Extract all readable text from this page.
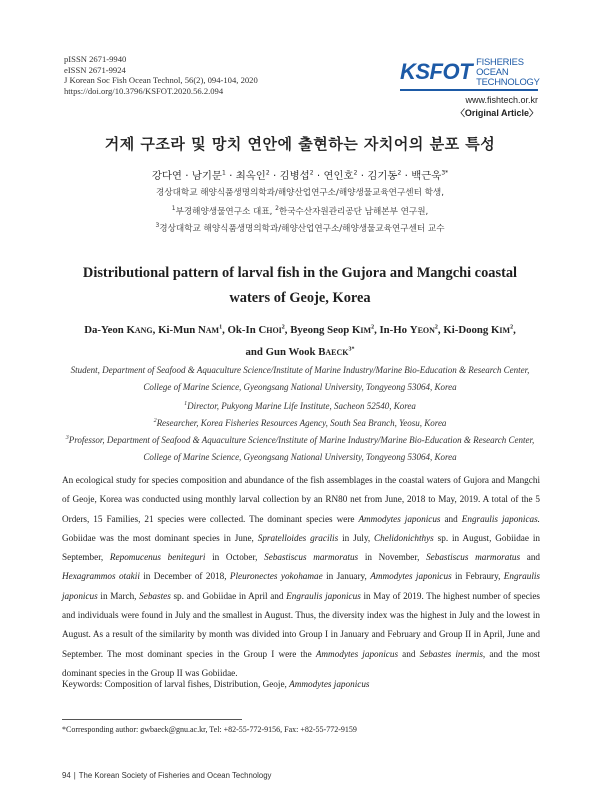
pISSN 2671-9940
eISSN 2671-9924
J Korean Soc Fish Ocean Technol, 56(2), 094-104, 2020
https://doi.org/10.3796/KSFOT.2020.56.2.094
KSFOT FISHERIES OCEAN
TECHNOLOGY
www.fishtech.or.kr
〈Original Article〉
거제 구조라 및 망치 연안에 출현하는 자치어의 분포 특성
강다연 · 남기문$^1$ · 최옥인$^2$ · 김병섭$^2$ · 연인호$^2$ · 김기동$^2$ · 백근욱$^{3*}$
경상대학교 해양식품생명의학과/해양산업연구소/해양생물교육연구센터 학생,
$^1$부경해양생물연구소 대표, $^2$한국수산자원관리공단 남해본부 연구원,
$^3$경상대학교 해양식품생명의학과/해양산업연구소/해양생물교육연구센터 교수
Distributional pattern of larval fish in the Gujora and Mangchi coastal
waters of Geoje, Korea
Da-Yeon Kang, Ki-Mun Nam$^1$, Ok-In Choi$^2$, Byeong Seop Kim$^2$, In-Ho Yeon$^2$, Ki-Doong Kim$^2$,
and Gun Wook Baeck$^{3*}$
Student, Department of Seafood & Aquaculture Science/Institute of Marine Industry/Marine Bio-Education & Research Center,
College of Marine Science, Gyeongsang National University, Tongyeong 53064, Korea
$^1$Director, Pukyong Marine Life Institute, Sacheon 52540, Korea
$^2$Researcher, Korea Fisheries Resources Agency, South Sea Branch, Yeosu, Korea
$^3$Professor, Department of Seafood & Aquaculture Science/Institute of Marine Industry/Marine Bio-Education & Research Center,
College of Marine Science, Gyeongsang National University, Tongyeong 53064, Korea
An ecological study for species composition and abundance of the fish assemblages in the coastal waters of Gujora and Mangchi of Geoje, Korea was conducted using monthly larval collection by an RN80 net from June, 2018 to May, 2019. A total of the 5 Orders, 15 Families, 21 species were collected. The dominant species were Ammodytes japonicus and Engraulis japonicas. Gobiidae was the most dominant species in June, Spratelloides gracilis in July, Chelidonichthys sp. in August, Gobiidae in September, Repomucenus beniteguri in October, Sebastiscus marmoratus in November, Sebastiscus marmoratus and Hexagrammos otakii in December of 2018, Pleuronectes yokohamae in January, Ammodytes japonicus in Febraury, Engraulis japonicus in March, Sebastes sp. and Gobiidae in April and Engraulis japonicus in May of 2019. The highest number of species and individuals were found in July and the smallest in August. Thus, the diversity index was the highest in July and the lowest in August. As a result of the similarity by month was divided into Group I in January and February and Group II in April, June and September. The most dominant species in the Group I were the Ammodytes japonicus and Sebastes inermis, and the most dominant species in the Group II was Gobiidae.
Keywords: Composition of larval fishes, Distribution, Geoje, Ammodytes japonicus
*Corresponding author: gwbaeck@gnu.ac.kr, Tel: +82-55-772-9156, Fax: +82-55-772-9159
94 | The Korean Society of Fisheries and Ocean Technology
